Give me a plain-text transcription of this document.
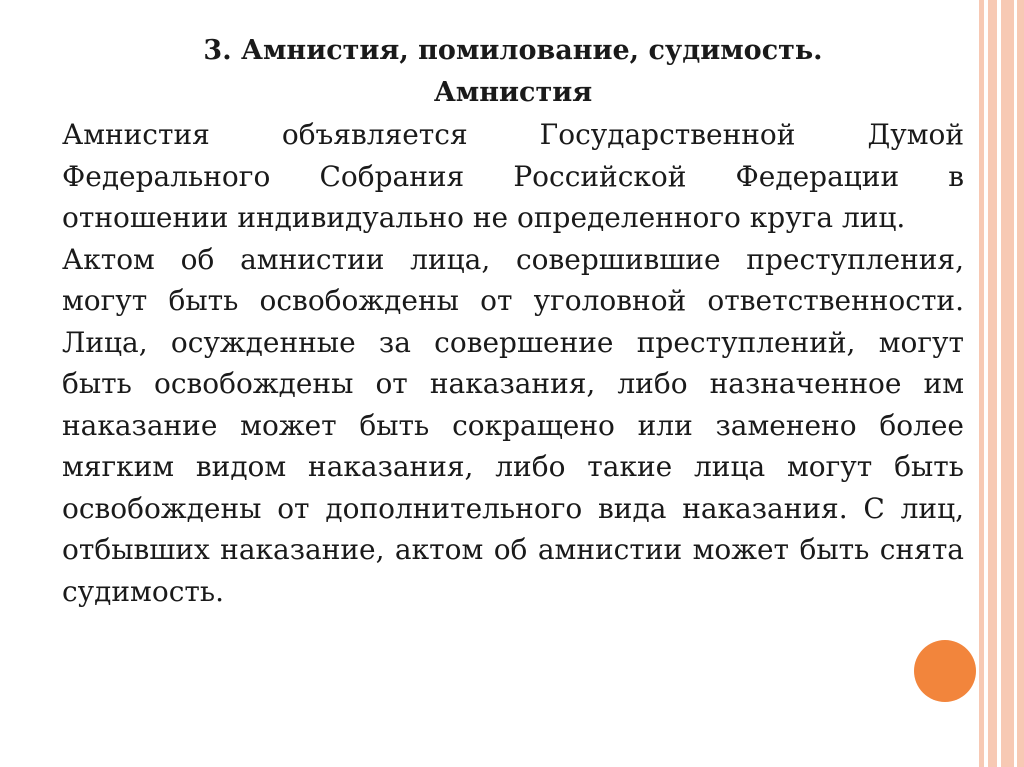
3. Амнистия, помилование, судимость.
Амнистия

Амнистия объявляется Государственной Думой Федерального Собрания Российской Федерации в отношении индивидуально не определенного круга лиц.

Актом об амнистии лица, совершившие преступления, могут быть освобождены от уголовной ответственности. Лица, осужденные за совершение преступлений, могут быть освобождены от наказания, либо назначенное им наказание может быть сокращено или заменено более мягким видом наказания, либо такие лица могут быть освобождены от дополнительного вида наказания. С лиц, отбывших наказание, актом об амнистии может быть снята судимость.
